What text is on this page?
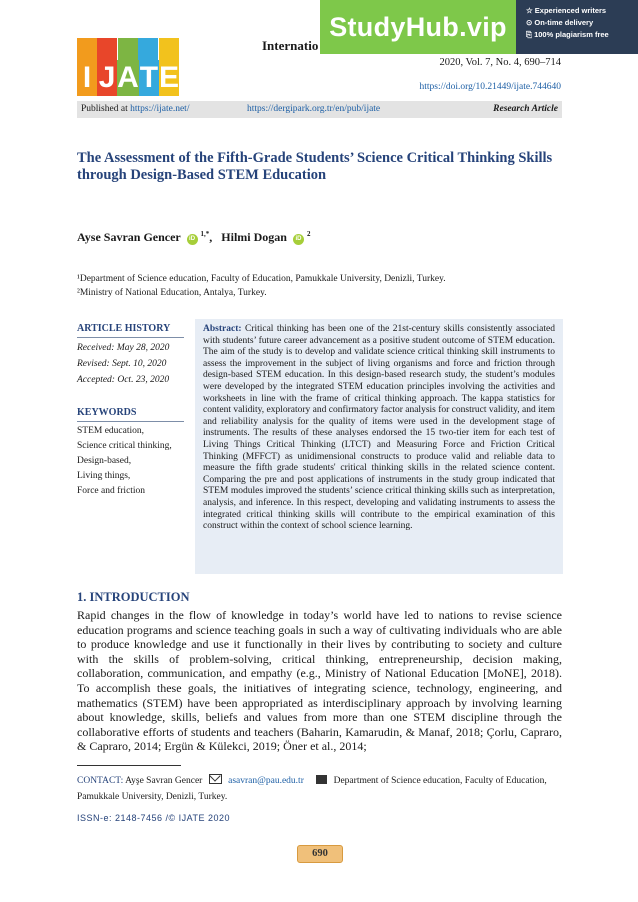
I J A T E
Internatio
StudyHub.vip
☆ Experienced writers
⊙ On-time delivery
⎘ 100% plagiarism free
2020, Vol. 7, No. 4, 690–714
https://doi.org/10.21449/ijate.744640
Published at https://ijate.net/	https://dergipark.org.tr/en/pub/ijate	Research Article
The Assessment of the Fifth-Grade Students’ Science Critical Thinking Skills through Design-Based STEM Education
Ayse Savran Gencer iD $^{1,*}$, Hilmi Dogan iD $^2$
¹Department of Science education, Faculty of Education, Pamukkale University, Denizli, Turkey.
²Ministry of National Education, Antalya, Turkey.
ARTICLE HISTORY
Received: May 28, 2020
Revised: Sept. 10, 2020
Accepted: Oct. 23, 2020
KEYWORDS
STEM education,
Science critical thinking,
Design-based,
Living things,
Force and friction
Abstract: Critical thinking has been one of the 21st-century skills consistently associated with students’ future career advancement as a positive student outcome of STEM education. The aim of the study is to develop and validate science critical thinking skill instruments to assess the improvement in the subject of living organisms and force and friction through design-based STEM education. In this design-based research study, the student’s modules were developed by the integrated STEM education principles involving the activities and worksheets in line with the frame of critical thinking approach. The kappa statistics for content validity, exploratory and confirmatory factor analysis for construct validity, and item and reliability analysis for the quality of items were used in the development stage of instruments. The results of these analyses endorsed the 15 two-tier item for each test of Living Things Critical Thinking (LTCT) and Measuring Force and Friction Critical Thinking (MFFCT) as unidimensional constructs to produce valid and reliable data to measure the fifth grade students' critical thinking skills in the related science content. Comparing the pre and post applications of instruments in the study group indicated that STEM modules improved the students’ science critical thinking skills such as interpretation, analysis, and inference. In this respect, developing and validating instruments to assess the integrated critical thinking skills will contribute to the empirical examination of this construct within the context of school science learning.
1. INTRODUCTION
Rapid changes in the flow of knowledge in today’s world have led to nations to revise science education programs and science teaching goals in such a way of cultivating individuals who are able to produce knowledge and use it functionally in their lives by contributing to society and culture with the skills of problem-solving, critical thinking, entrepreneurship, decision making, collaboration, communication, and empathy (e.g., Ministry of National Education [MoNE], 2018). To accomplish these goals, the initiatives of integrating science, technology, engineering, and mathematics (STEM) have been appropriated as interdisciplinary approach by involving learning about knowledge, skills, beliefs and values from more than one STEM discipline through the collaborative efforts of students and teachers (Baharin, Kamarudin, & Manaf, 2018; Çorlu, Capraro, & Capraro, 2014; Ergün & Külekci, 2019; Öner et al., 2014;
CONTACT: Ayşe Savran Gencer	asavran@pau.edu.tr	Department of Science education, Faculty of Education, Pamukkale University, Denizli, Turkey.
ISSN-e: 2148-7456 /© IJATE 2020
690
